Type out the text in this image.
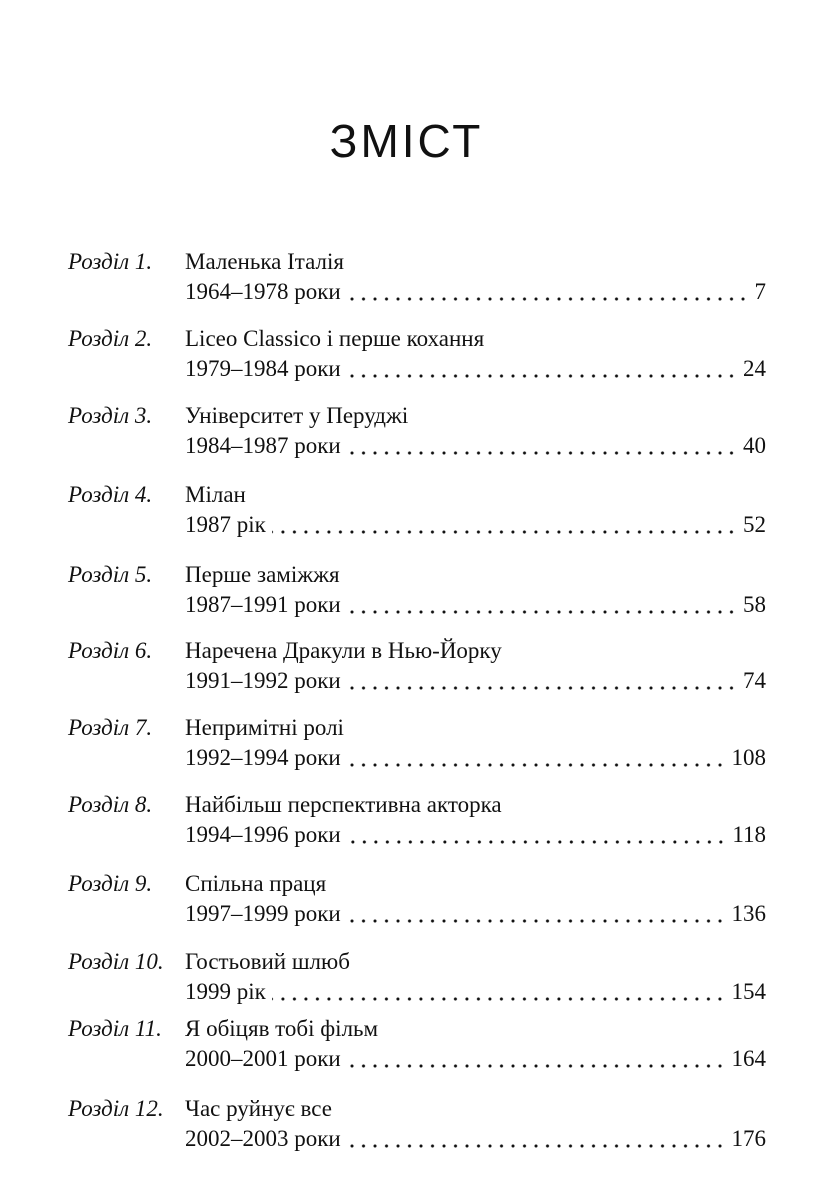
ЗМІСТ
Розділ 1. Маленька Італія
1964–1978 роки	7
Розділ 2. Liceo Classico і перше кохання
1979–1984 роки	24
Розділ 3. Університет у Перуджі
1984–1987 роки	40
Розділ 4. Мілан
1987 рік	52
Розділ 5. Перше заміжжя
1987–1991 роки	58
Розділ 6. Наречена Дракули в Нью-Йорку
1991–1992 роки	74
Розділ 7. Непримітні ролі
1992–1994 роки	108
Розділ 8. Найбільш перспективна акторка
1994–1996 роки	118
Розділ 9. Спільна праця
1997–1999 роки	136
Розділ 10. Гостьовий шлюб
1999 рік	154
Розділ 11. Я обіцяв тобі фільм
2000–2001 роки	164
Розділ 12. Час руйнує все
2002–2003 роки	176
